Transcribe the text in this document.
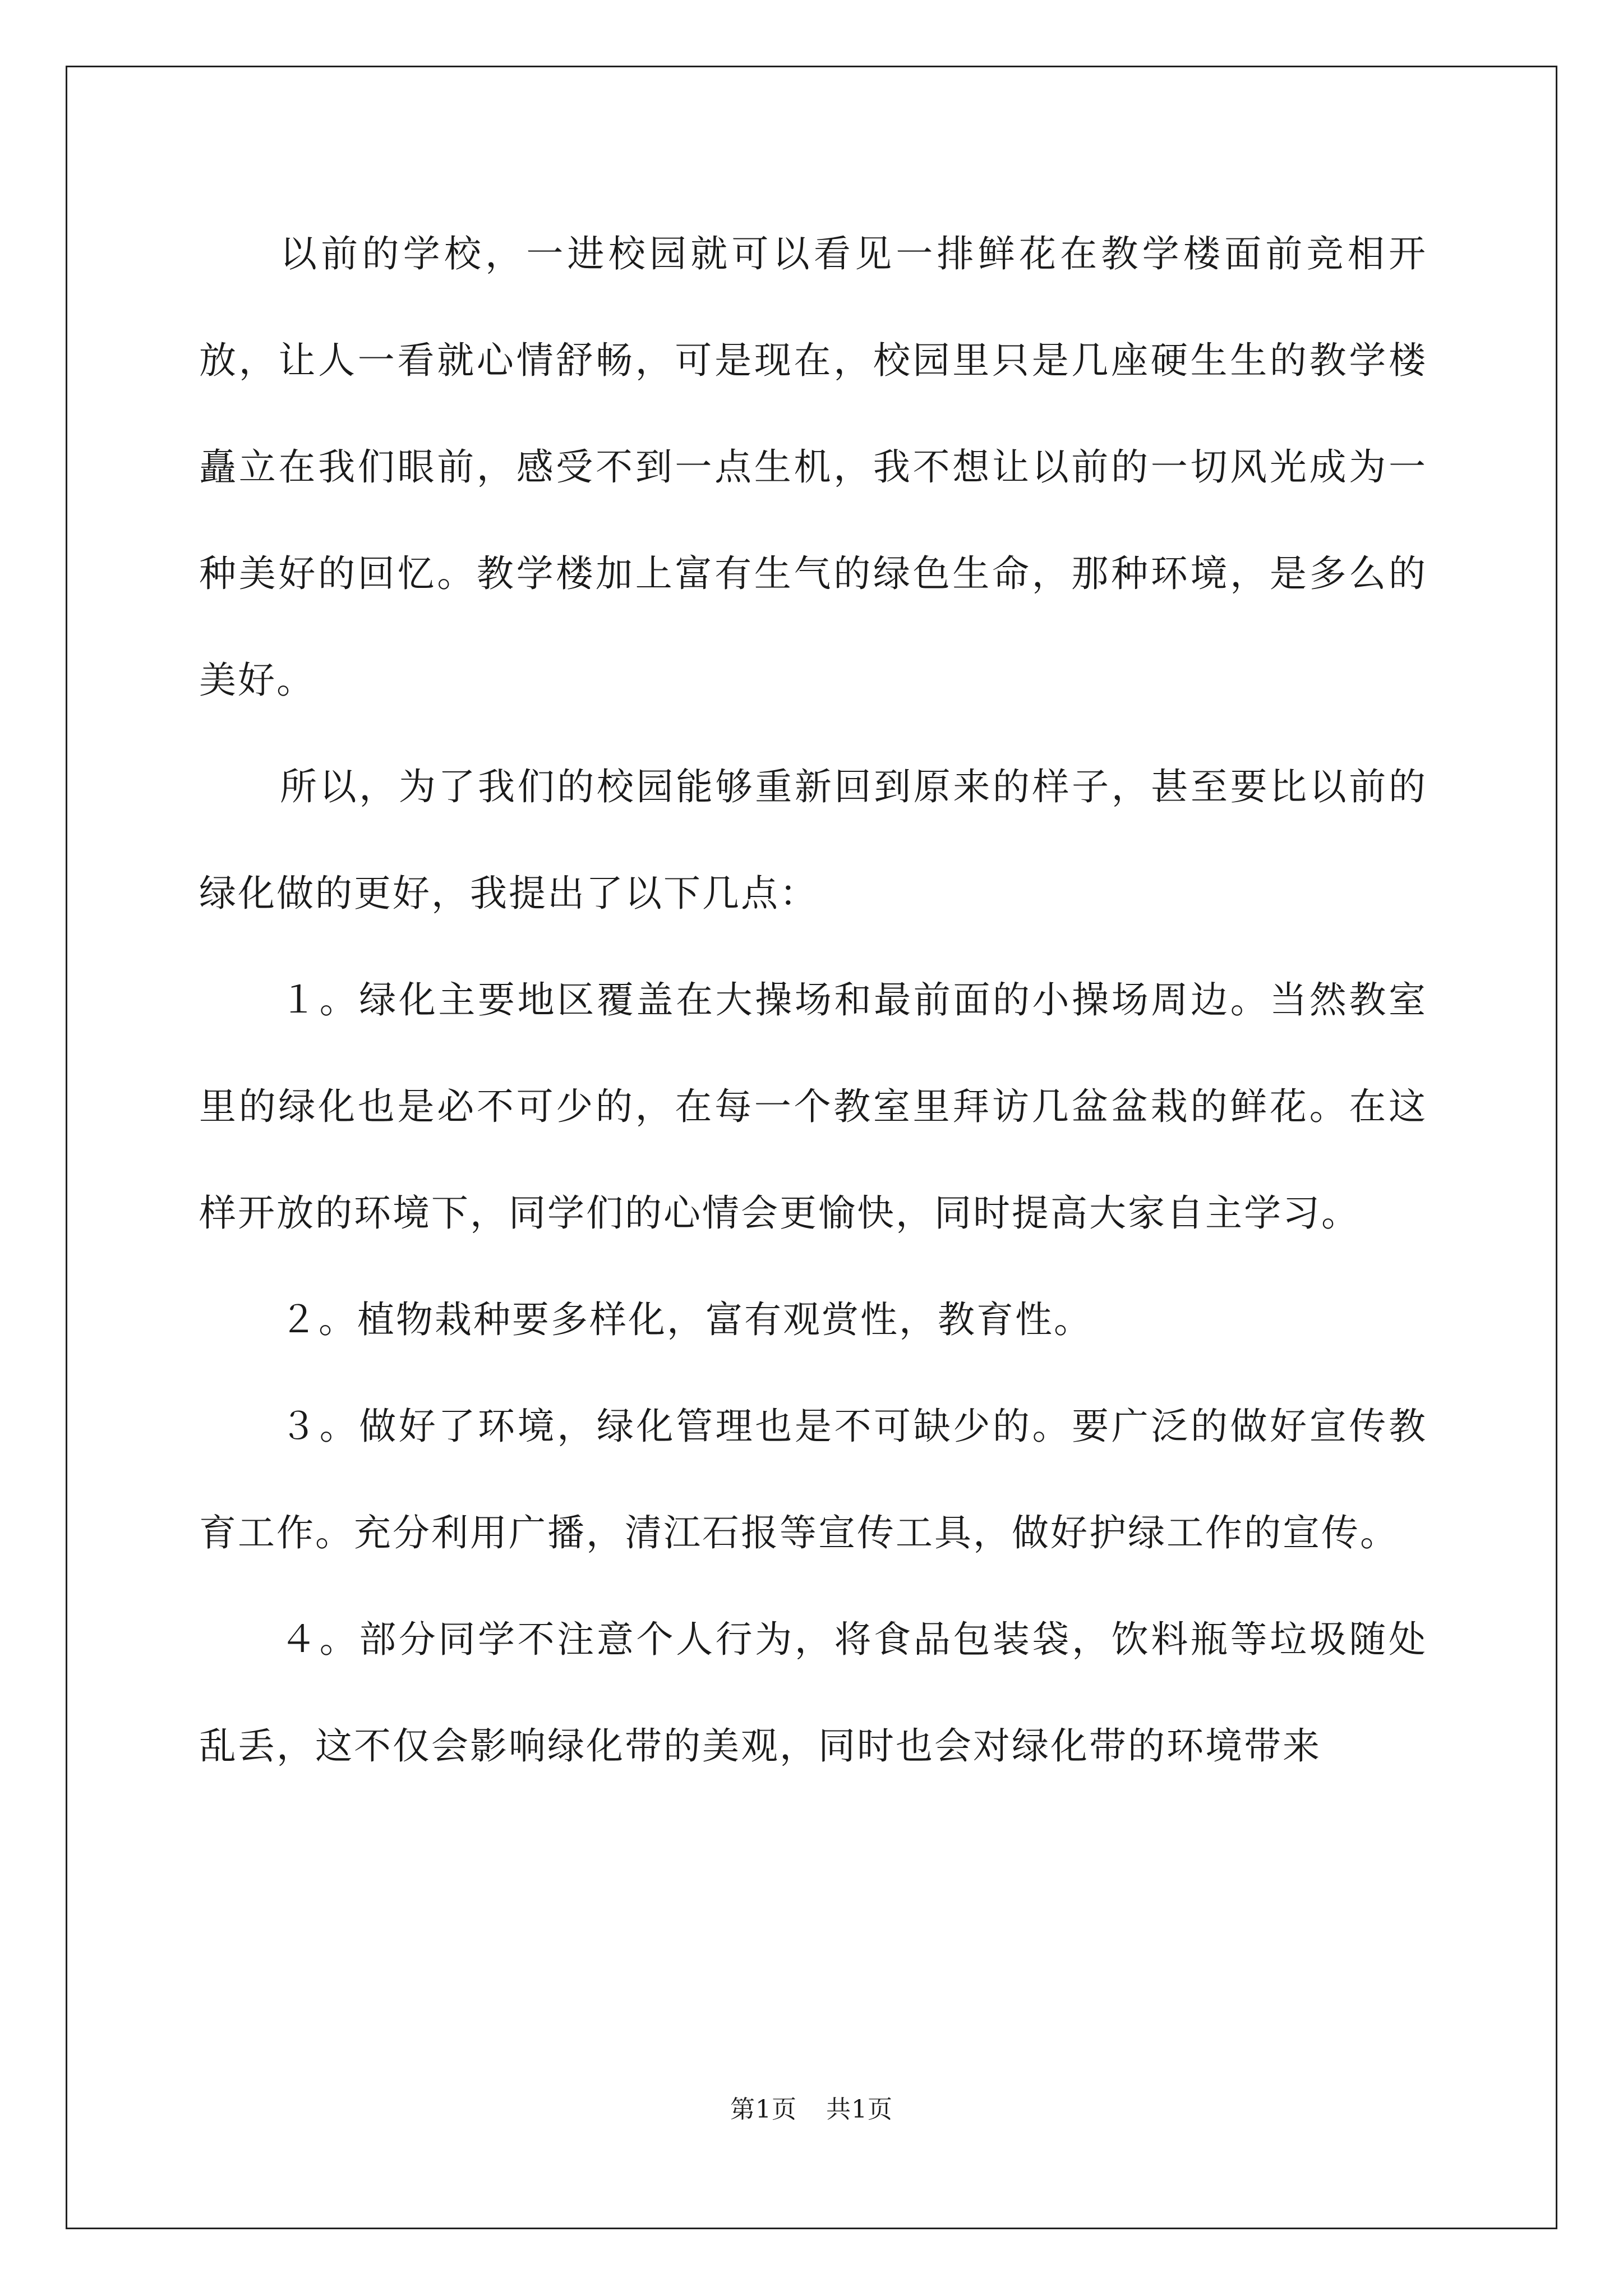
以前的学校，一进校园就可以看见一排鲜花在教学楼面前竞相开放，让人一看就心情舒畅，可是现在，校园里只是几座硬生生的教学楼矗立在我们眼前，感受不到一点生机，我不想让以前的一切风光成为一种美好的回忆。教学楼加上富有生气的绿色生命，那种环境，是多么的美好。

所以，为了我们的校园能够重新回到原来的样子，甚至要比以前的绿化做的更好，我提出了以下几点：

１。绿化主要地区覆盖在大操场和最前面的小操场周边。当然教室里的绿化也是必不可少的，在每一个教室里拜访几盆盆栽的鲜花。在这样开放的环境下，同学们的心情会更愉快，同时提高大家自主学习。

２。植物栽种要多样化，富有观赏性，教育性。

３。做好了环境，绿化管理也是不可缺少的。要广泛的做好宣传教育工作。充分利用广播，清江石报等宣传工具，做好护绿工作的宣传。

４。部分同学不注意个人行为，将食品包装袋，饮料瓶等垃圾随处乱丢，这不仅会影响绿化带的美观，同时也会对绿化带的环境带来

第1页 共1页
